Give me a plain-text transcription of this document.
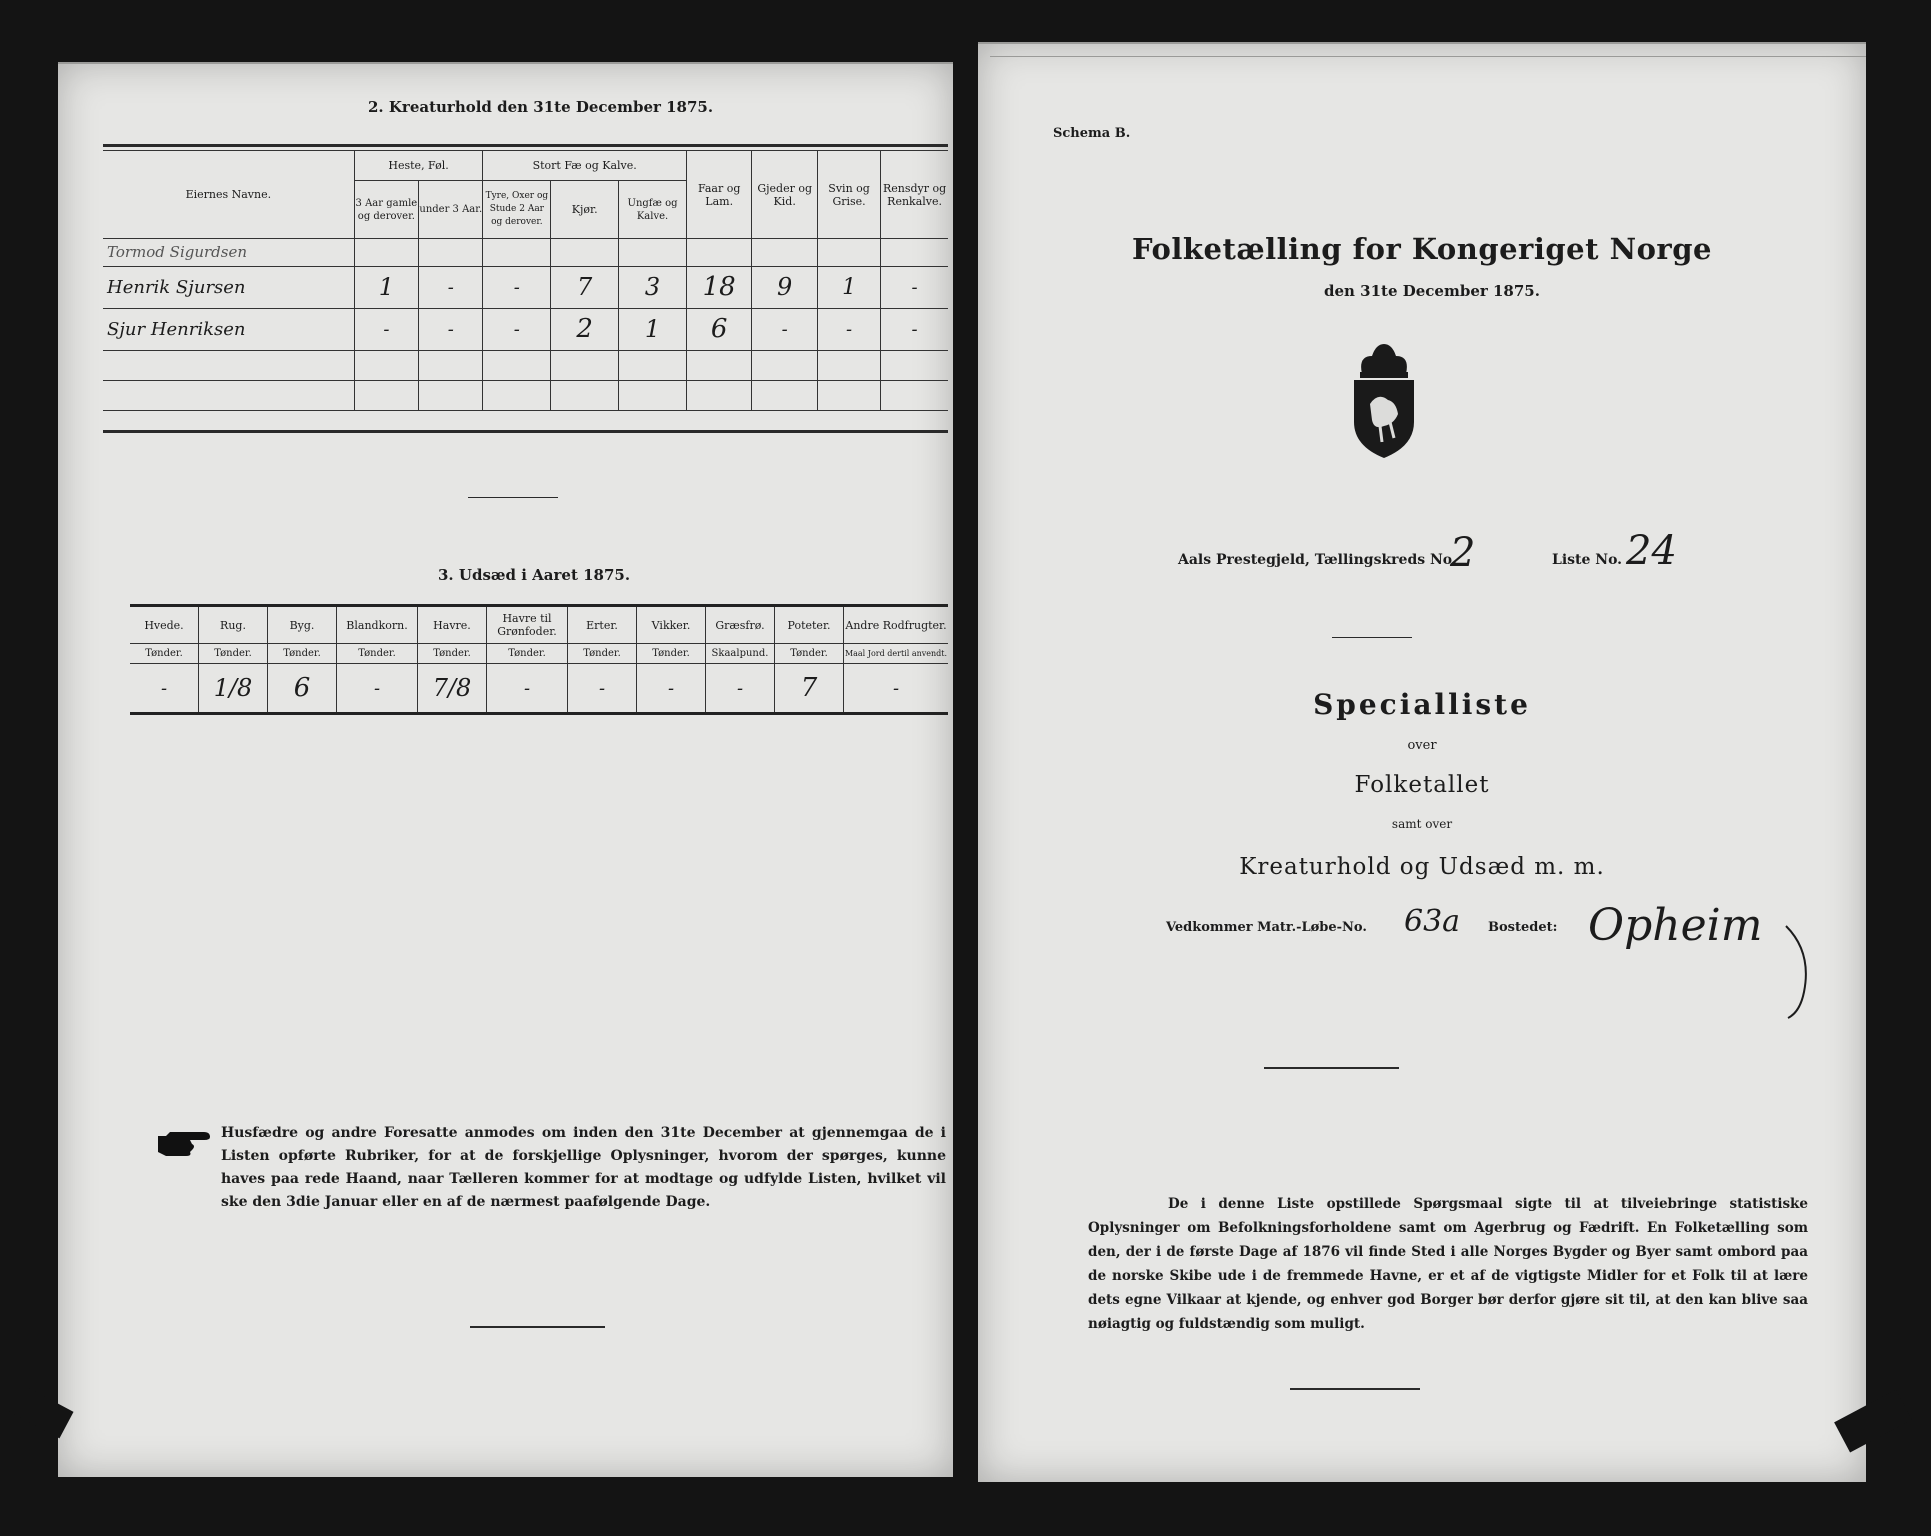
2. Kreaturhold den 31te December 1875.
Eiernes Navne.	Heste, Føl.		Stort Fæ og Kalve.			Faar og Lam.	Gjeder og Kid.	Svin og Grise.	Rensdyr og Renkalve.
	3 Aar gamle og derover.	under 3 Aar.	Tyre, Oxer og Stude 2 Aar og derover.	Kjør.	Ungfæ og Kalve.				
Tormod Sigurdsen									
Henrik Sjursen	1	-	-	7	3	18	9	1	-
Sjur Henriksen	-	-	-	2	1	6	-	-	-

3. Udsæd i Aaret 1875.
Hvede.	Rug.	Byg.	Blandkorn.	Havre.	Havre til Grønfoder.	Erter.	Vikker.	Græsfrø.	Poteter.	Andre Rodfrugter.
Tønder.	Tønder.	Tønder.	Tønder.	Tønder.	Tønder.	Tønder.	Tønder.	Skaalpund.	Tønder.	Maal Jord dertil anvendt.
-	1/8	6	-	7/8	-	-	-	-	7	-
Husfædre og andre Foresatte anmodes om inden den 31te December at gjennemgaa de i Listen opførte Rubriker, for at de forskjellige Oplysninger, hvorom der spørges, kunne haves paa rede Haand, naar Tælleren kommer for at modtage og udfylde Listen, hvilket vil ske den 3die Januar eller en af de nærmest paafølgende Dage.
Schema B.
Folketælling for Kongeriget Norge
den 31te December 1875.
Aals Prestegjeld, Tællingskreds No.
2	Liste No. 24
Specialliste
over
Folketallet
samt over
Kreaturhold og Udsæd m. m.
Vedkommer Matr.-Løbe-No. 63a Bostedet: Opheim
De i denne Liste opstillede Spørgsmaal sigte til at tilveiebringe statistiske Oplysninger om Befolkningsforholdene samt om Agerbrug og Fædrift. En Folketælling som den, der i de første Dage af 1876 vil finde Sted i alle Norges Bygder og Byer samt ombord paa de norske Skibe ude i de fremmede Havne, er et af de vigtigste Midler for et Folk til at lære dets egne Vilkaar at kjende, og enhver god Borger bør derfor gjøre sit til, at den kan blive saa nøiagtig og fuldstændig som muligt.
